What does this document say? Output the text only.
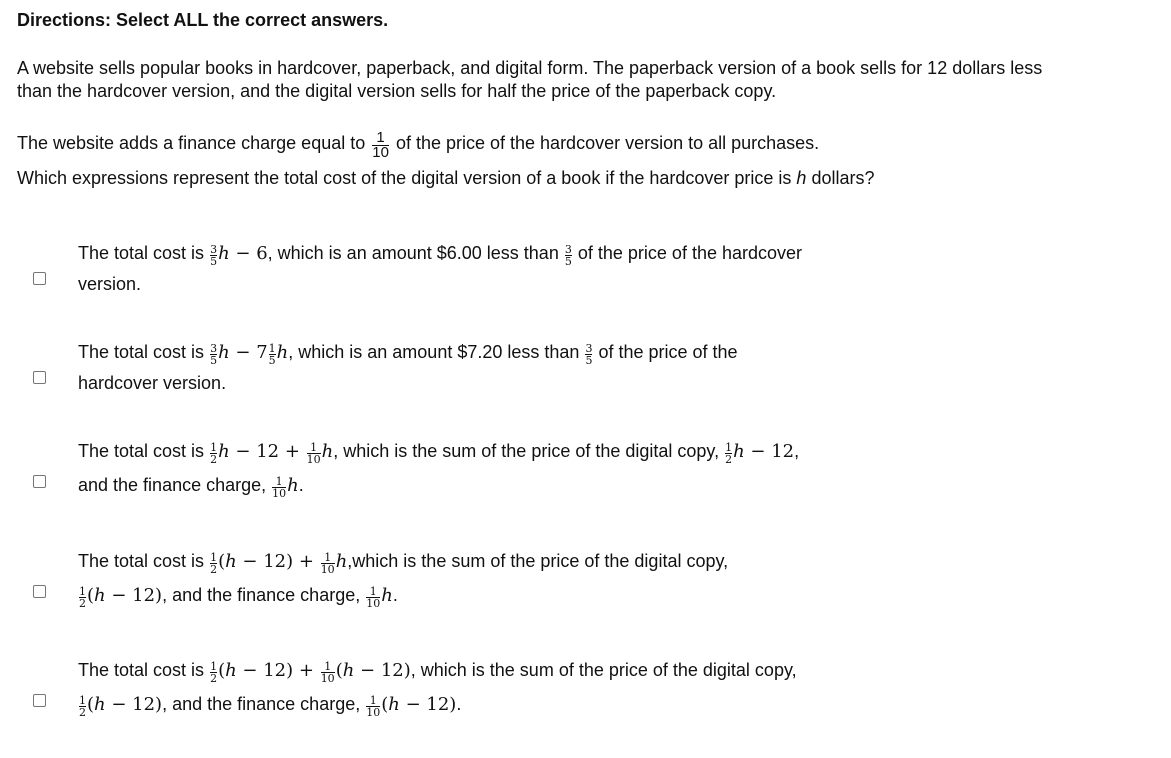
Directions: Select ALL the correct answers.
A website sells popular books in hardcover, paperback, and digital form. The paperback version of a book sells for 12 dollars less
than the hardcover version, and the digital version sells for half the price of the paperback copy.
The website adds a finance charge equal to $\frac{1}{10}$ of the price of the hardcover version to all purchases.
Which expressions represent the total cost of the digital version of a book if the hardcover price is h dollars?
The total cost is $\frac{3}{5}$ h − 6, which is an amount $6.00 less than $\frac{3}{5}$ of the price of the hardcover
version.
The total cost is $\frac{3}{5}$ $h - 7 \frac{1}{5} h$, which is an amount $7.20 less than $\frac{3}{5}$ of the price of the
hardcover version.
The total cost is $\frac{1}{2}$ $h - 12 + \frac{1}{10} h$, which is the sum of the price of the digital copy, $\frac{1}{2}$ h − 12,
and the finance charge, $\frac{1}{10} h$.
The total cost is $\frac{1}{2} (h - 12) + \frac{1}{10}$ h,which is the sum of the price of the digital copy,
$\frac{1}{2} (h - 12)$, and the finance charge, $\frac{1}{10} h$.
The total cost is $\frac{1}{2} (h - 12) + \frac{1}{10} (h - 12)$, which is the sum of the price of the digital copy,
$\frac{1}{2} (h - 12)$, and the finance charge, $\frac{1}{10} (h - 12)$.
